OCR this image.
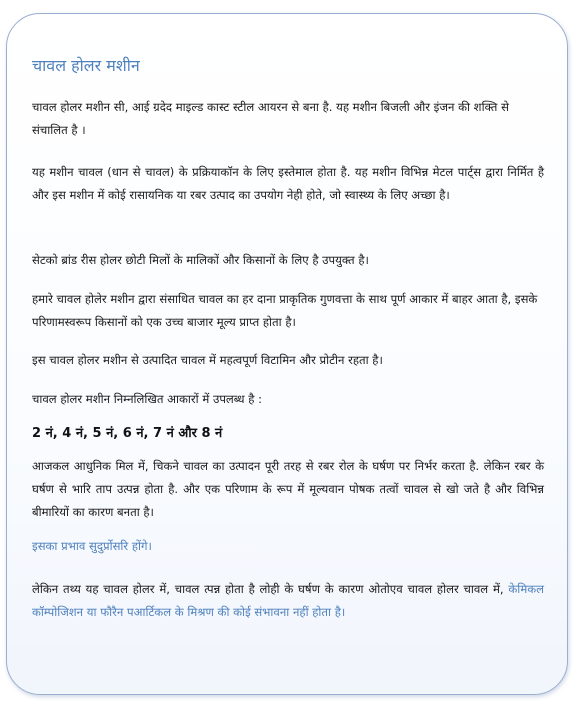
चावल होलर मशीन

चावल होलर मशीन सी, आई ग्रदेद माइल्ड कास्ट स्टील आयरन से बना है. यह मशीन बिजली और इंजन की शक्ति से संचालित है ।

यह मशीन चावल (धान से चावल) के प्रक्रियाकॉन के लिए इस्तेमाल होता है. यह मशीन विभिन्न मेटल पार्ट्स द्वारा निर्मित है और इस मशीन में कोई रासायनिक या रबर उत्पाद का उपयोग नेही होते, जो स्वास्थ्य के लिए अच्छा है।

सेटको ब्रांड रीस होलर छोटी मिलों के मालिकों और किसानों के लिए है उपयुक्त है।

हमारे चावल होलेर मशीन द्वारा संसाधित चावल का हर दाना प्राकृतिक गुणवत्ता के साथ पूर्ण आकार में बाहर आता है, इसके परिणामस्वरूप किसानों को एक उच्च बाजार मूल्य प्राप्त होता है।

इस चावल होलर मशीन से उत्पादित चावल में महत्वपूर्ण विटामिन और प्रोटीन रहता है।

चावल होलर मशीन निम्नलिखित आकारों में उपलब्ध है :

2 नं, 4 नं, 5 नं, 6 नं, 7 नं और 8 नं

आजकल आधुनिक मिल में, चिकने चावल का उत्पादन पूरी तरह से रबर रोल के घर्षण पर निर्भर करता है. लेकिन रबर के घर्षण से भारि ताप उत्पन्न होता है. और एक परिणाम के रूप में मूल्यवान पोषक तत्वों चावल से खो जते है और विभिन्न बीमारियों का कारण बनता है।

इसका प्रभाव सुदुर्प्रोसरि होंगे।

लेकिन तथ्य यह चावल होलर में, चावल त्पन्न होता है लोही के घर्षण के कारण ओतोएव चावल होलर चावल में, केमिकल कॉम्पोजिशन या फौरैन पआर्टिकल के मिश्रण की कोई संभावना नहीं होता है।
